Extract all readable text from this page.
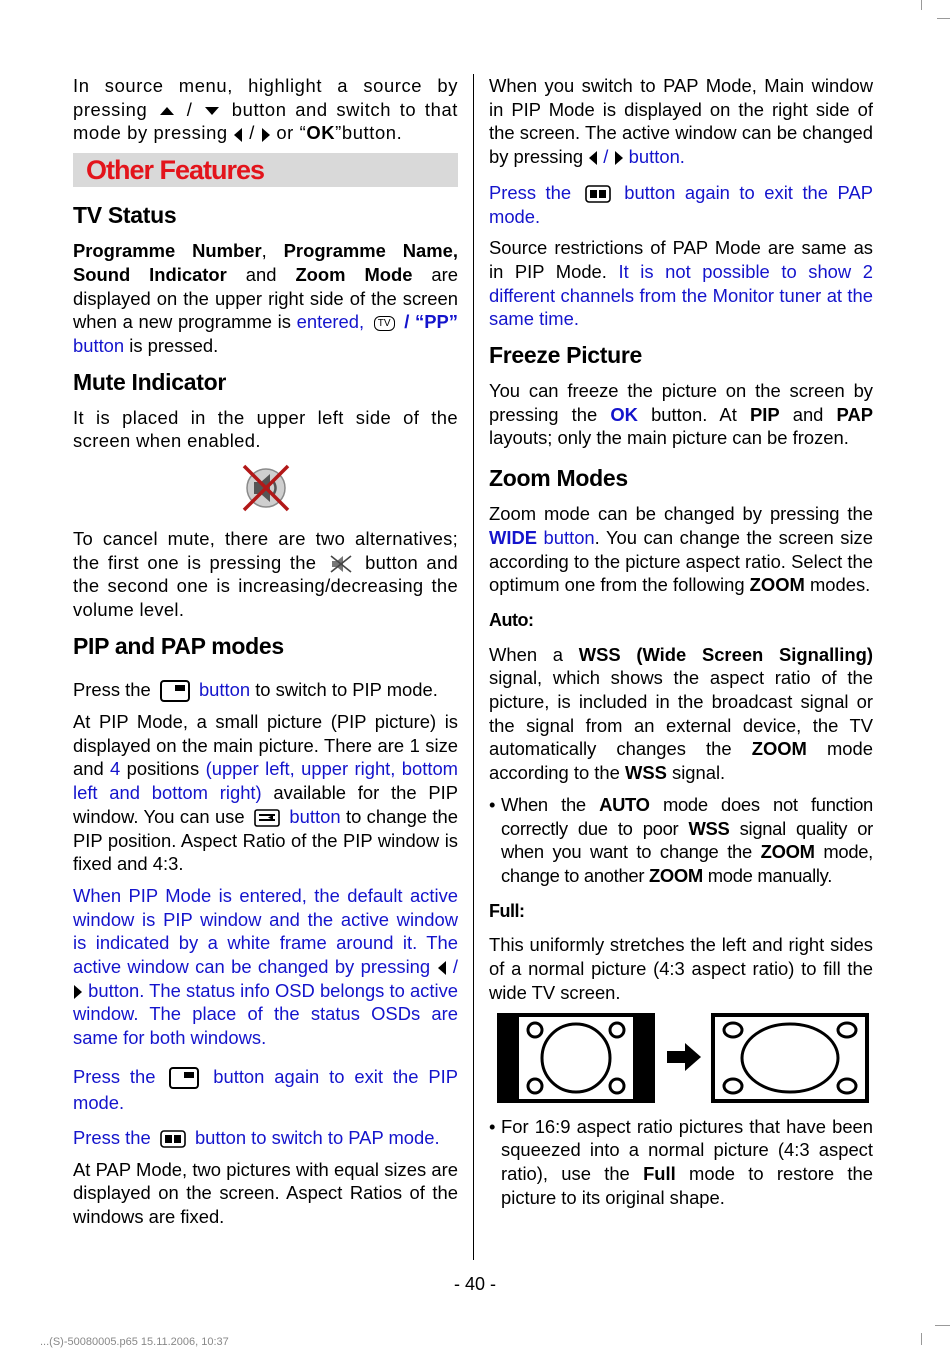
In source menu, highlight a source by pressing / button and switch to that mode by pressing / or “OK”button.

Other Features
TV Status

Programme Number, Programme Name, Sound Indicator and Zoom Mode are displayed on the upper right side of the screen when a new programme is entered, TV / “PP” button is pressed.

Mute Indicator

It is placed in the upper left side of the screen when enabled.

To cancel mute, there are two alternatives; the first one is pressing the	button and the second one is increasing/decreasing the volume level.

PIP and PAP modes

Press the	button to switch to PIP mode.

At PIP Mode, a small picture (PIP picture) is displayed on the main picture. There are 1 size and 4 positions (upper left, upper right, bottom left and bottom right) available for the PIP window. You can use button to change the PIP position. Aspect Ratio of the PIP window is fixed and 4:3.

When PIP Mode is entered, the default active window is PIP window and the active window is indicated by a white frame around it. The active window can be changed by pressing /  button. The status info OSD belongs to active window. The place of the status OSDs are same for both windows.

Press the	button again to exit the PIP mode.

Press the button to switch to PAP mode.

At PAP Mode, two pictures with equal sizes are displayed on the screen. Aspect Ratios of the windows are fixed.

When you switch to PAP Mode, Main window in PIP Mode is displayed on the right side of the screen. The active window can be changed by pressing / button.

Press the	button again to exit the PAP mode.

Source restrictions of PAP Mode are same as in PIP Mode. It is not possible to show 2 different channels from the Monitor tuner at the same time.

Freeze Picture

You can freeze the picture on the screen by pressing the OK button. At PIP and PAP layouts; only the main picture can be frozen.

Zoom Modes

Zoom mode can be changed by pressing the WIDE button. You can change the screen size according to the picture aspect ratio. Select the optimum one from the following ZOOM modes.

Auto:

When a WSS (Wide Screen Signalling) signal, which shows the aspect ratio of the picture, is included in the broadcast signal or the signal from an external device, the TV automatically changes the ZOOM mode according to the WSS signal.

• When the AUTO mode does not function correctly due to poor WSS signal quality or when you want to change the ZOOM mode, change to another ZOOM mode manually.
Full:

This uniformly stretches the left and right sides of a normal picture (4:3 aspect ratio) to fill the wide TV screen.

• For 16:9 aspect ratio pictures that have been squeezed into a normal picture (4:3 aspect ratio), use the Full mode to restore the picture to its original shape.
- 40 -
...(S)-50080005.p65 15.11.2006, 10:37
